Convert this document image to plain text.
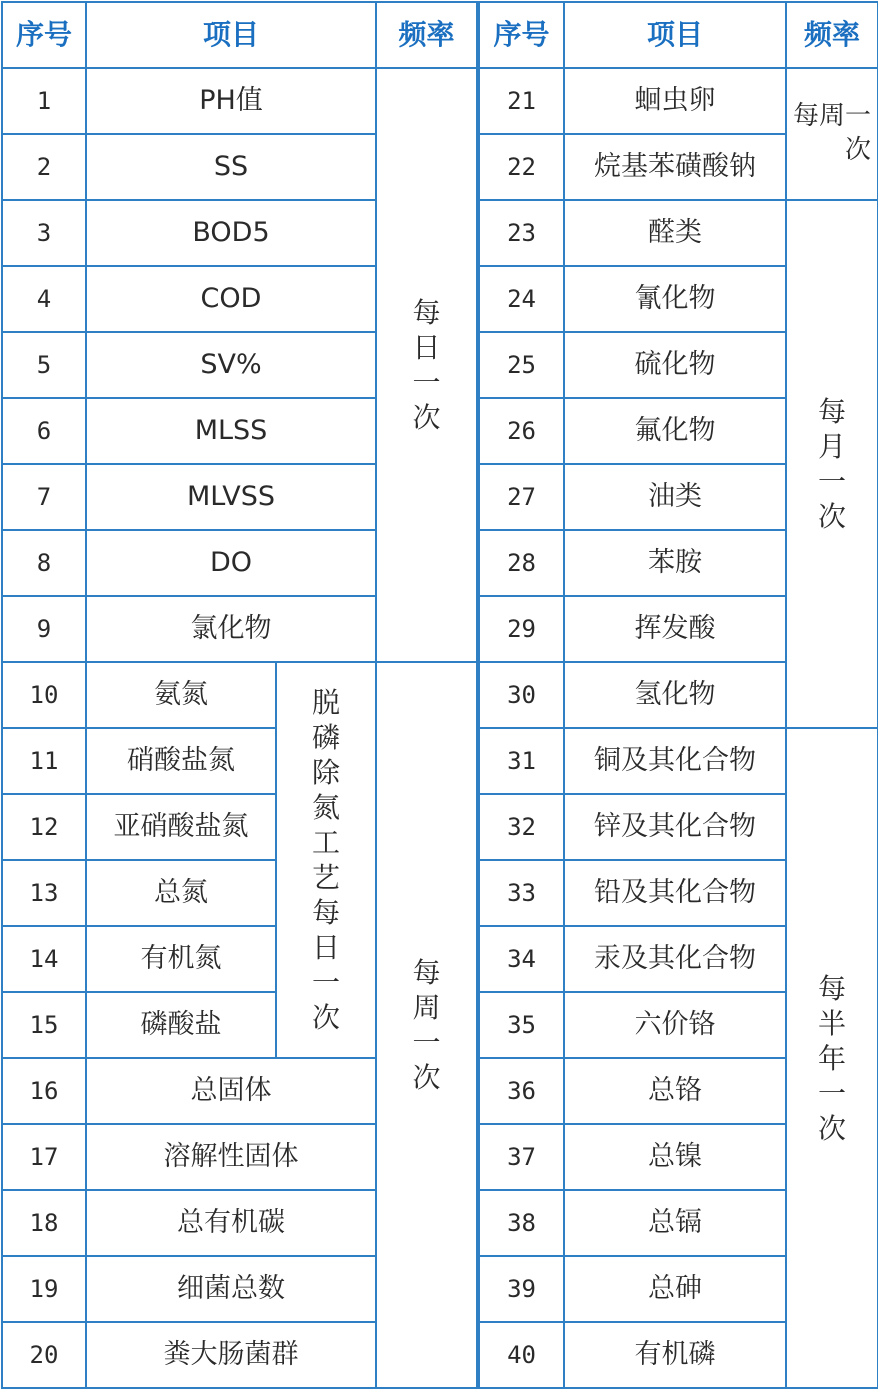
序号	项目		频率	序号	项目	频率
1	PH值		每日一次	21	蛔虫卵	每周一次
2	SS			22	烷基苯磺酸钠	
3	BOD5			23	醛类	每月一次
4	COD			24	氰化物	
5	SV%			25	硫化物	
6	MLSS			26	氟化物	
7	MLVSS			27	油类	
8	DO			28	苯胺	
9	氯化物			29	挥发酸	
10	氨氮	脱磷除氮工艺每日一次	每周一次	30	氢化物	
11	硝酸盐氮			31	铜及其化合物	每半年一次
12	亚硝酸盐氮			32	锌及其化合物	
13	总氮			33	铅及其化合物	
14	有机氮			34	汞及其化合物	
15	磷酸盐			35	六价铬	
16	总固体			36	总铬	
17	溶解性固体			37	总镍	
18	总有机碳			38	总镉	
19	细菌总数			39	总砷	
20	粪大肠菌群			40	有机磷	
